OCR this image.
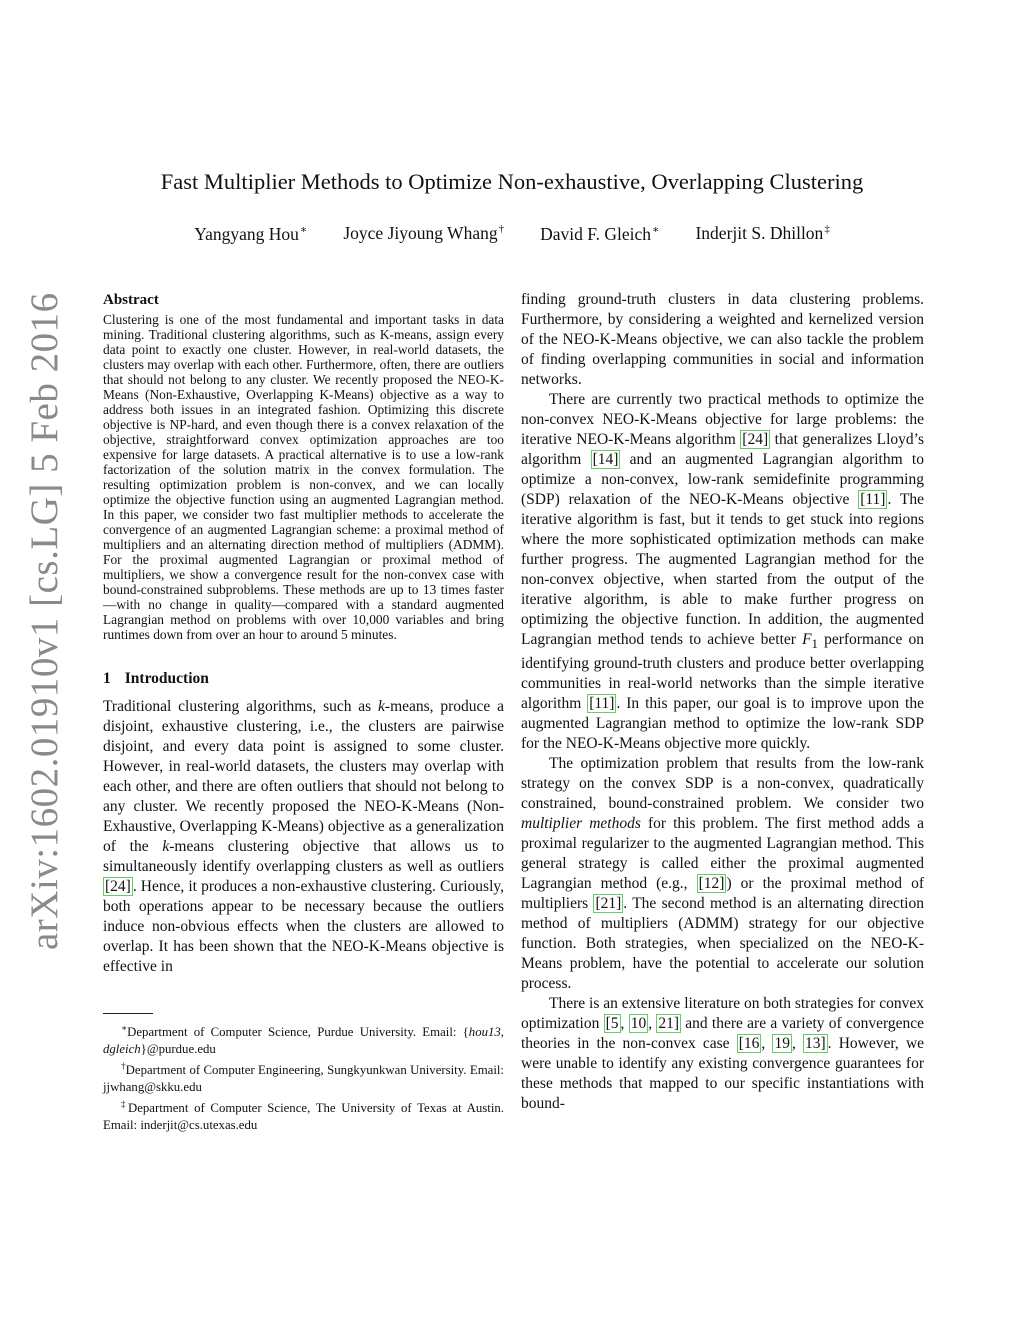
arXiv:1602.01910v1 [cs.LG] 5 Feb 2016
Fast Multiplier Methods to Optimize Non-exhaustive, Overlapping Clustering
Yangyang Hou∗ Joyce Jiyoung Whang† David F. Gleich∗ Inderjit S. Dhillon‡
Abstract

Clustering is one of the most fundamental and important tasks in data mining. Traditional clustering algorithms, such as K-means, assign every data point to exactly one cluster. However, in real-world datasets, the clusters may overlap with each other. Furthermore, often, there are outliers that should not belong to any cluster. We recently proposed the NEO-K-Means (Non-Exhaustive, Overlapping K-Means) objective as a way to address both issues in an integrated fashion. Optimizing this discrete objective is NP-hard, and even though there is a convex relaxation of the objective, straightforward convex optimization approaches are too expensive for large datasets. A practical alternative is to use a low-rank factorization of the solution matrix in the convex formulation. The resulting optimization problem is non-convex, and we can locally optimize the objective function using an augmented Lagrangian method. In this paper, we consider two fast multiplier methods to accelerate the convergence of an augmented Lagrangian scheme: a proximal method of multipliers and an alternating direction method of multipliers (ADMM). For the proximal augmented Lagrangian or proximal method of multipliers, we show a convergence result for the non-convex case with bound-constrained subproblems. These methods are up to 13 times faster—with no change in quality—compared with a standard augmented Lagrangian method on problems with over 10,000 variables and bring runtimes down from over an hour to around 5 minutes.

1 Introduction

Traditional clustering algorithms, such as k-means, produce a disjoint, exhaustive clustering, i.e., the clusters are pairwise disjoint, and every data point is assigned to some cluster. However, in real-world datasets, the clusters may overlap with each other, and there are often outliers that should not belong to any cluster. We recently proposed the NEO-K-Means (Non-Exhaustive, Overlapping K-Means) objective as a generalization of the k-means clustering objective that allows us to simultaneously identify overlapping clusters as well as outliers [24] . Hence, it produces a non-exhaustive clustering. Curiously, both operations appear to be necessary because the outliers induce non-obvious effects when the clusters are allowed to overlap. It has been shown that the NEO-K-Means objective is effective in

∗Department of Computer Science, Purdue University. Email: {hou13, dgleich}@purdue.edu

†Department of Computer Engineering, Sungkyunkwan University. Email: jjwhang@skku.edu

‡Department of Computer Science, The University of Texas at Austin. Email: inderjit@cs.utexas.edu

finding ground-truth clusters in data clustering problems. Furthermore, by considering a weighted and kernelized version of the NEO-K-Means objective, we can also tackle the problem of finding overlapping communities in social and information networks.

There are currently two practical methods to optimize the non-convex NEO-K-Means objective for large problems: the iterative NEO-K-Means algorithm [24] that generalizes Lloyd’s algorithm [14] and an augmented Lagrangian algorithm to optimize a non-convex, low-rank semidefinite programming (SDP) relaxation of the NEO-K-Means objective [11] . The iterative algorithm is fast, but it tends to get stuck into regions where the more sophisticated optimization methods can make further progress. The augmented Lagrangian method for the non-convex objective, when started from the output of the iterative algorithm, is able to make further progress on optimizing the objective function. In addition, the augmented Lagrangian method tends to achieve better $F_1$ performance on identifying ground-truth clusters and produce better overlapping communities in real-world networks than the simple iterative algorithm [11] . In this paper, our goal is to improve upon the augmented Lagrangian method to optimize the low-rank SDP for the NEO-K-Means objective more quickly.

The optimization problem that results from the low-rank strategy on the convex SDP is a non-convex, quadratically constrained, bound-constrained problem. We consider two multiplier methods for this problem. The first method adds a proximal regularizer to the augmented Lagrangian method. This general strategy is called either the proximal augmented Lagrangian method (e.g., [12] ) or the proximal method of multipliers [21] . The second method is an alternating direction method of multipliers (ADMM) strategy for our objective function. Both strategies, when specialized on the NEO-K-Means problem, have the potential to accelerate our solution process.

There is an extensive literature on both strategies for convex optimization [5 , 10 , 21] and there are a variety of convergence theories in the non-convex case [16 , 19 , 13] . However, we were unable to identify any existing convergence guarantees for these methods that mapped to our specific instantiations with bound-
